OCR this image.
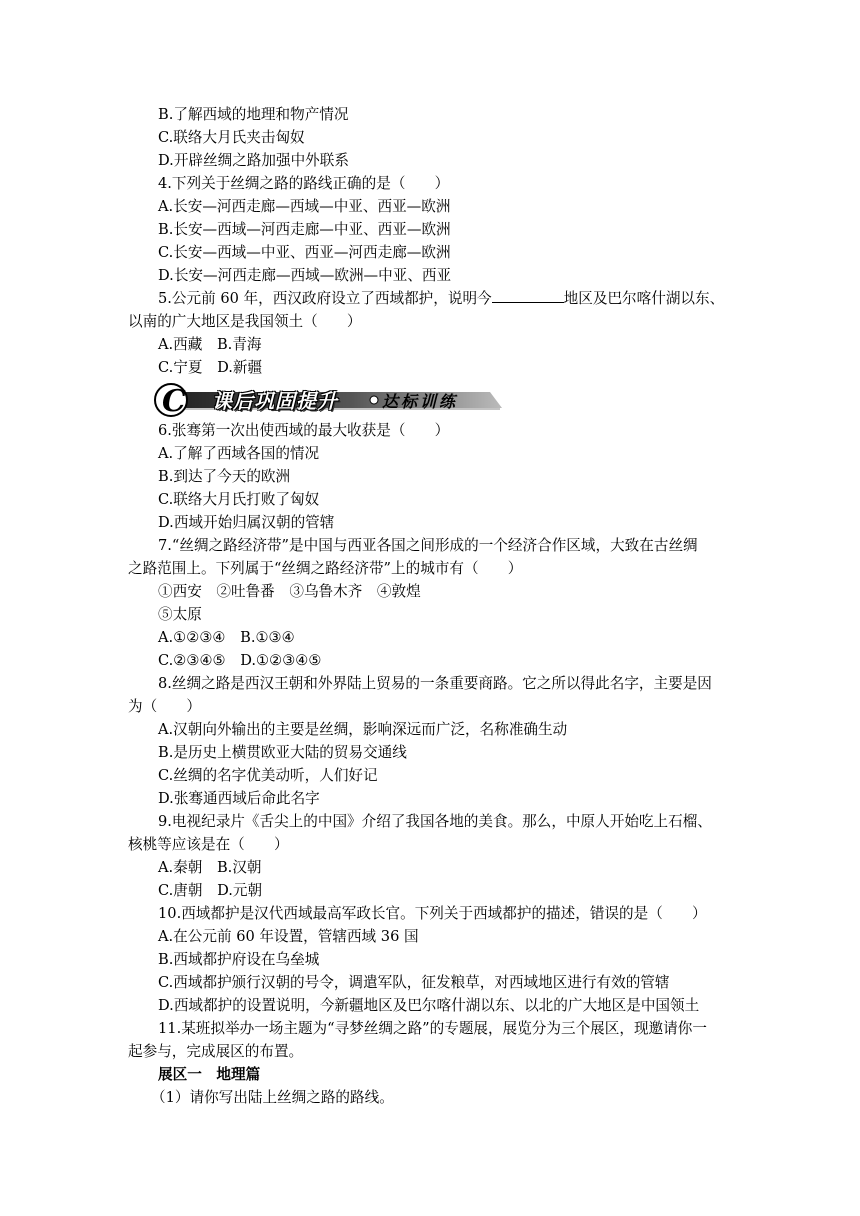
B.了解西域的地理和物产情况
C.联络大月氏夹击匈奴
D.开辟丝绸之路加强中外联系
4.下列关于丝绸之路的路线正确的是（　　）
A.长安—河西走廊—西域—中亚、西亚—欧洲
B.长安—西域—河西走廊—中亚、西亚—欧洲
C.长安—西域—中亚、西亚—河西走廊—欧洲
D.长安—河西走廊—西域—欧洲—中亚、西亚
5.公元前 60 年，西汉政府设立了西域都护，说明今	地区及巴尔喀什湖以东、
以南的广大地区是我国领土（　　）
A.西藏　B.青海
C.宁夏　D.新疆
C 课后巩固提升	达标训练
6.张骞第一次出使西域的最大收获是（　　）
A.了解了西域各国的情况
B.到达了今天的欧洲
C.联络大月氏打败了匈奴
D.西域开始归属汉朝的管辖
7.“丝绸之路经济带”是中国与西亚各国之间形成的一个经济合作区域，大致在古丝绸
之路范围上。下列属于“丝绸之路经济带”上的城市有（　　）
①西安　②吐鲁番　③乌鲁木齐　④敦煌
⑤太原
A.①②③④　B.①③④
C.②③④⑤　D.①②③④⑤
8.丝绸之路是西汉王朝和外界陆上贸易的一条重要商路。它之所以得此名字，主要是因
为（　　）
A.汉朝向外输出的主要是丝绸，影响深远而广泛，名称准确生动
B.是历史上横贯欧亚大陆的贸易交通线
C.丝绸的名字优美动听，人们好记
D.张骞通西域后命此名字
9.电视纪录片《舌尖上的中国》介绍了我国各地的美食。那么，中原人开始吃上石榴、
核桃等应该是在（　　）
A.秦朝　B.汉朝
C.唐朝　D.元朝
10.西域都护是汉代西域最高军政长官。下列关于西域都护的描述，错误的是（　　）
A.在公元前 60 年设置，管辖西域 36 国
B.西域都护府设在乌垒城
C.西域都护颁行汉朝的号令，调遣军队，征发粮草，对西域地区进行有效的管辖
D.西域都护的设置说明，今新疆地区及巴尔喀什湖以东、以北的广大地区是中国领土
11.某班拟举办一场主题为“寻梦丝绸之路”的专题展，展览分为三个展区，现邀请你一
起参与，完成展区的布置。
展区一　地理篇
（1）请你写出陆上丝绸之路的路线。
